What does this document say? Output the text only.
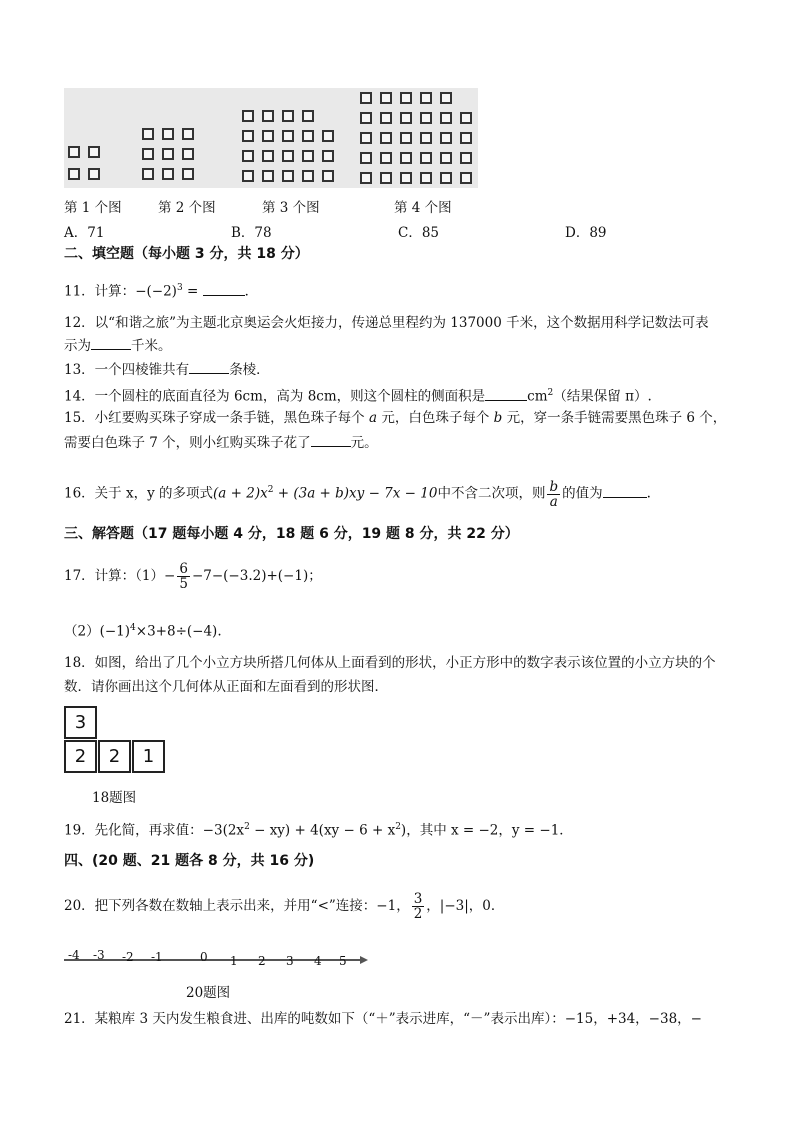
第 1 个图	第 2 个图	第 3 个图	第 4 个图
A．71	B．78	C．85	D．89
二、填空题（每小题 3 分，共 18 分）
11．计算：$-(-2)^3$ =	．
12．以“和谐之旅”为主题北京奥运会火炬接力，传递总里程约为 137000 千米，这个数据用科学记数法可表
示为	千米。
13．一个四棱锥共有	条棱．
14．一个圆柱的底面直径为 6cm，高为 8cm，则这个圆柱的侧面积是	$cm^2$（结果保留 π）.
15．小红要购买珠子穿成一条手链，黑色珠子每个 a 元，白色珠子每个 b 元，穿一条手链需要黑色珠子 6 个，
需要白色珠子 7 个，则小红购买珠子花了	元。
16．关于 x，y 的多项式$(a + 2)x^2 + (3a + b)xy - 7x - 10$中不含二次项，则 $\frac{b}{a}$ 的值为	.
三、解答题（17 题每小题 4 分，18 题 6 分，19 题 8 分，共 22 分）
17．计算：$(1)- \frac{6}{5} -7-(-3.2)+(-1)$；
$(2)(-1)^4\times 3+8\div(-4)$.
18．如图，给出了几个小立方块所搭几何体从上面看到的形状，小正方形中的数字表示该位置的小立方块的个
数．请你画出这个几何体从正面和左面看到的形状图．
3
2	2	1
18题图
19．先化简，再求值：$-3(2x^2 - xy) + 4(xy - 6 + x^2)$，其中 x = −2，y = −1．
四、(20 题、21 题各 8 分，共 16 分)
20．把下列各数在数轴上表示出来，并用“<”连接：−1， $\frac{3}{2}$ ，|−3|，0．
-4 -3 -2 -1	0 1 2 3 4 5
20题图
21．某粮库 3 天内发生粮食进、出库的吨数如下（“＋”表示进库，“－”表示出库）：−15，+34，−38，−
